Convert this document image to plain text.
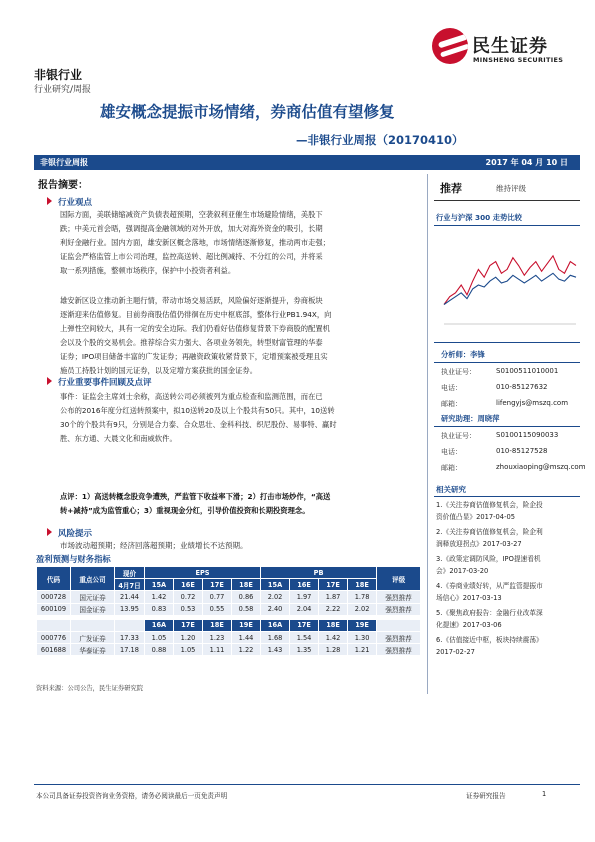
民生证券
MINSHENG SECURITIES
非银行业
行业研究/周报
雄安概念提振市场情绪，券商估值有望修复
—非银行业周报（20170410）
非银行业周报	2017 年 04 月 10 日
报告摘要：
行业观点
国际方面，美联储缩减资产负债表超预期，空袭叙利亚催生市场避险情绪，美股下
跌；中美元首会晤，强调提高金融领域的对外开放，加大对海外资金的吸引，长期
利好金融行业。国内方面，雄安新区概念落地，市场情绪逐渐修复，推动两市走强；
证监会严格监管上市公司治理，监控高送转、超比例减持、不分红的公司，并将采
取一系列措施，整顿市场秩序，保护中小投资者利益。
雄安新区设立推动新主题行情，带动市场交易活跃，风险偏好逐渐提升，券商板块
逐渐迎来估值修复。目前券商股估值仍徘徊在历史中枢底部，整体行业PB1.94X，向
上弹性空间较大，具有一定的安全边际。我们仍看好估值修复背景下券商股的配置机
会以及个股的交易机会。推荐综合实力强大、各项业务领先，转型财富管理的华泰
证券；IPO项目储备丰富的广发证券；再融资政策收紧背景下，定增预案被受理且实
施员工持股计划的国元证券，以及定增方案获批的国金证券。
行业重要事件回顾及点评
事件：证监会主席刘士余称，高送转公司必须被列为重点检查和监测范围，而在已
公布的2016年度分红送转预案中，拟10送转20及以上个股共有50只。其中，10送转
30个的个股共有9只，分别是合力泰、合众思壮、金科科技、织尼股份、易事特、赢时
胜、东方通、大晨文化和南威软件。
点评：1）高送转概念股竞争遭殃，严监管下收益率下滑；2）打击市场炒作，“高送
转+减持”成为监管重心；3）重视现金分红，引导价值投资和长期投资理念。
风险提示
市场波动超预期；经济回落超预期；业绩增长不达预期。
盈利预测与财务指标
代码	重点公司	现价	EPS				PB				评级
		4月7日	15A	16E	17E	18E	15A	16E	17E	18E	
000728	国元证券	21.44	1.42	0.72	0.77	0.86	2.02	1.97	1.87	1.78	强烈推荐
600109	国金证券	13.95	0.83	0.53	0.55	0.58	2.40	2.04	2.22	2.02	强烈推荐

			16A	17E	18E	19E	16A	17E	18E	19E	
000776	广发证券	17.33	1.05	1.20	1.23	1.44	1.68	1.54	1.42	1.30	强烈推荐
601688	华泰证券	17.18	0.88	1.05	1.11	1.22	1.43	1.35	1.28	1.21	强烈推荐
资料来源：公司公告，民生证券研究院
推荐	维持评级
行业与沪深 300 走势比较
分析师：李锋
执业证号：	S0100511010001
电话：	010-85127632
邮箱：	lifengyjs@mszq.com
研究助理：周晓萍
执业证号：	S0100115090033
电话：	010-85127528
邮箱：	zhouxiaoping@mszq.com
相关研究
1.《关注券商估值修复机会，险企投
资价值凸显》2017-04-05
2.《关注券商估值修复机会，险企利
润释放迎拐点》2017-03-27
3.《政策定调防风险，IPO提速看机
会》2017-03-20
4.《券商业绩好转，从严监管提振市
场信心》2017-03-13
5.《聚焦政府报告：金融行业改革深
化提速》2017-03-06
6.《估值接近中枢，板块持续震荡》
2017-02-27
本公司具备证券投资咨询业务资格，请务必阅读最后一页免责声明	证券研究报告	1
